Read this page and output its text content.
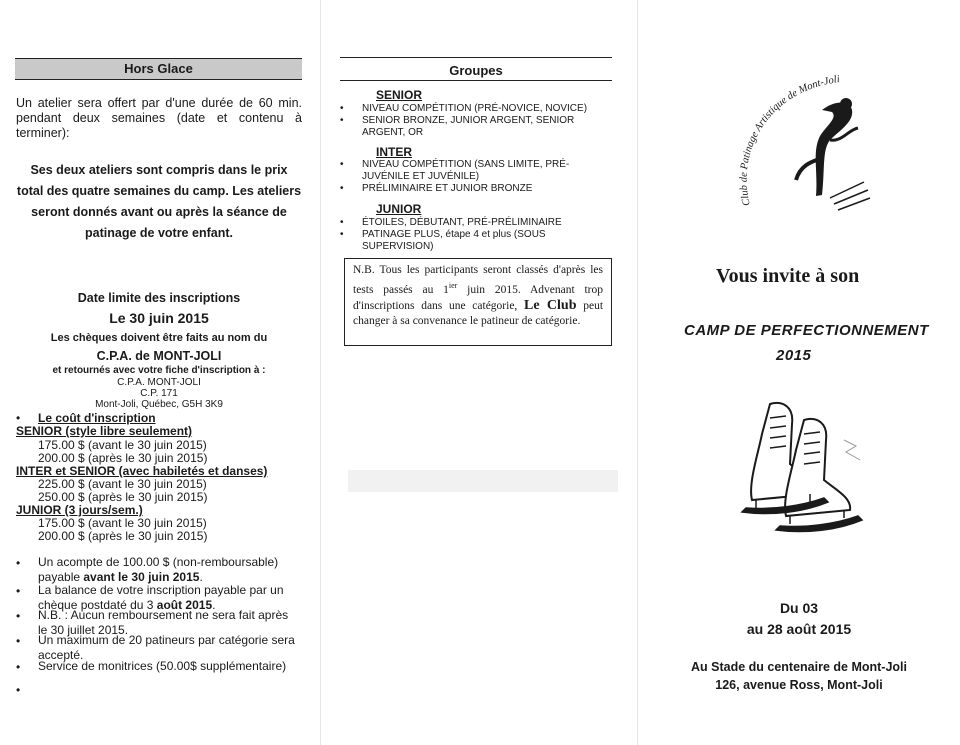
Hors Glace
Un atelier sera offert par d'une durée de 60 min. pendant deux semaines (date et contenu à terminer):
Ses deux ateliers sont compris dans le prix total des quatre semaines du camp. Les ateliers seront donnés avant ou après la séance de patinage de votre enfant.
Date limite des inscriptions
Le 30 juin 2015
Les chèques doivent être faits au nom du
C.P.A. de MONT-JOLI
et retournés avec votre fiche d'inscription à :
C.P.A. MONT-JOLI
C.P. 171
Mont-Joli, Québec, G5H 3K9
• Le coût d'inscription
SENIOR (style libre seulement)
175.00 $ (avant le 30 juin 2015)
200.00 $ (après le 30 juin 2015)
INTER et SENIOR (avec habiletés et danses)
225.00 $ (avant le 30 juin 2015)
250.00 $ (après le 30 juin 2015)
JUNIOR (3 jours/sem.)
175.00 $ (avant le 30 juin 2015)
200.00 $ (après le 30 juin 2015)
• Un acompte de 100.00 $ (non-remboursable) payable avant le 30 juin 2015.
• La balance de votre inscription payable par un chèque postdaté du 3 août 2015.
• N.B. : Aucun remboursement ne sera fait après le 30 juillet 2015.
• Un maximum de 20 patineurs par catégorie sera accepté.
• Service de monitrices (50.00$ supplémentaire)
•
Groupes
SENIOR
• NIVEAU COMPÉTITION (PRÉ-NOVICE, NOVICE)
• SENIOR BRONZE, JUNIOR ARGENT, SENIOR ARGENT, OR
INTER
• NIVEAU COMPÉTITION (SANS LIMITE, PRÉ-JUVÉNILE ET JUVÉNILE)
• PRÉLIMINAIRE ET JUNIOR BRONZE
JUNIOR
• ÉTOILES, DÉBUTANT, PRÉ-PRÉLIMINAIRE
• PATINAGE PLUS, étape 4 et plus (SOUS SUPERVISION)
N.B. Tous les participants seront classés d'après les tests passés au $1^{ier}$ juin 2015. Advenant trop d'inscriptions dans une catégorie, Le Club peut changer à sa convenance le patineur de catégorie.
Club de Patinage Artistique de Mont-Joli
Vous invite à son
CAMP DE PERFECTIONNEMENT
2015
Du 03
au 28 août 2015
Au Stade du centenaire de Mont-Joli
126, avenue Ross, Mont-Joli
